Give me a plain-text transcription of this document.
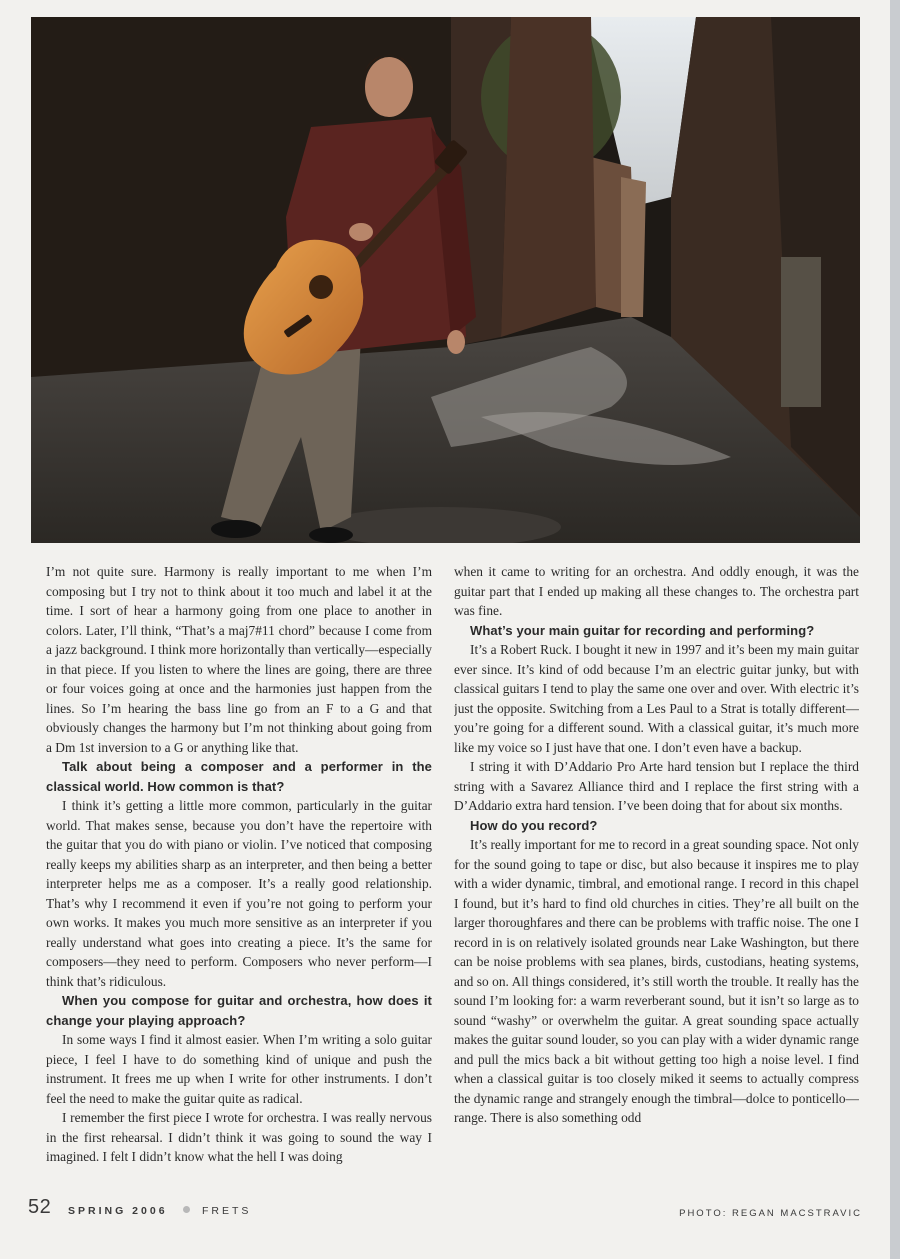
I’m not quite sure. Harmony is really important to me when I’m composing but I try not to think about it too much and label it at the time. I sort of hear a harmony going from one place to another in colors. Later, I’ll think, “That’s a maj7#11 chord” because I come from a jazz background. I think more horizontally than vertically—especially in that piece. If you listen to where the lines are going, there are three or four voices going at once and the harmonies just happen from the lines. So I’m hearing the bass line go from an F to a G and that obviously changes the harmony but I’m not thinking about going from a Dm 1st inversion to a G or anything like that.

Talk about being a composer and a performer in the classical world. How common is that?

I think it’s getting a little more common, particularly in the guitar world. That makes sense, because you don’t have the repertoire with the guitar that you do with piano or violin. I’ve noticed that composing really keeps my abilities sharp as an interpreter, and then being a better interpreter helps me as a composer. It’s a really good relationship. That’s why I recommend it even if you’re not going to perform your own works. It makes you much more sensitive as an interpreter if you really understand what goes into creating a piece. It’s the same for composers—they need to perform. Composers who never perform—I think that’s ridiculous.

When you compose for guitar and orchestra, how does it change your playing approach?

In some ways I find it almost easier. When I’m writing a solo guitar piece, I feel I have to do something kind of unique and push the instrument. It frees me up when I write for other instruments. I don’t feel the need to make the guitar quite as radical.

I remember the first piece I wrote for orchestra. I was really nervous in the first rehearsal. I didn’t think it was going to sound the way I imagined. I felt I didn’t know what the hell I was doing

when it came to writing for an orchestra. And oddly enough, it was the guitar part that I ended up making all these changes to. The orchestra part was fine.

What’s your main guitar for recording and performing?

It’s a Robert Ruck. I bought it new in 1997 and it’s been my main guitar ever since. It’s kind of odd because I’m an electric guitar junky, but with classical guitars I tend to play the same one over and over. With electric it’s just the opposite. Switching from a Les Paul to a Strat is totally different—you’re going for a different sound. With a classical guitar, it’s much more like my voice so I just have that one. I don’t even have a backup.

I string it with D’Addario Pro Arte hard tension but I replace the third string with a Savarez Alliance third and I replace the first string with a D’Addario extra hard tension. I’ve been doing that for about six months.

How do you record?

It’s really important for me to record in a great sounding space. Not only for the sound going to tape or disc, but also because it inspires me to play with a wider dynamic, timbral, and emotional range. I record in this chapel I found, but it’s hard to find old churches in cities. They’re all built on the larger thoroughfares and there can be problems with traffic noise. The one I record in is on relatively isolated grounds near Lake Washington, but there can be noise problems with sea planes, birds, custodians, heating systems, and so on. All things considered, it’s still worth the trouble. It really has the sound I’m looking for: a warm reverberant sound, but it isn’t so large as to sound “washy” or overwhelm the guitar. A great sounding space actually makes the guitar sound louder, so you can play with a wider dynamic range and pull the mics back a bit without getting too high a noise level. I find when a classical guitar is too closely miked it seems to actually compress the dynamic range and strangely enough the timbral—dolce to ponticello—range. There is also something odd

52 SPRING 2006	FRETS	PHOTO: REGAN MACSTRAVIC
